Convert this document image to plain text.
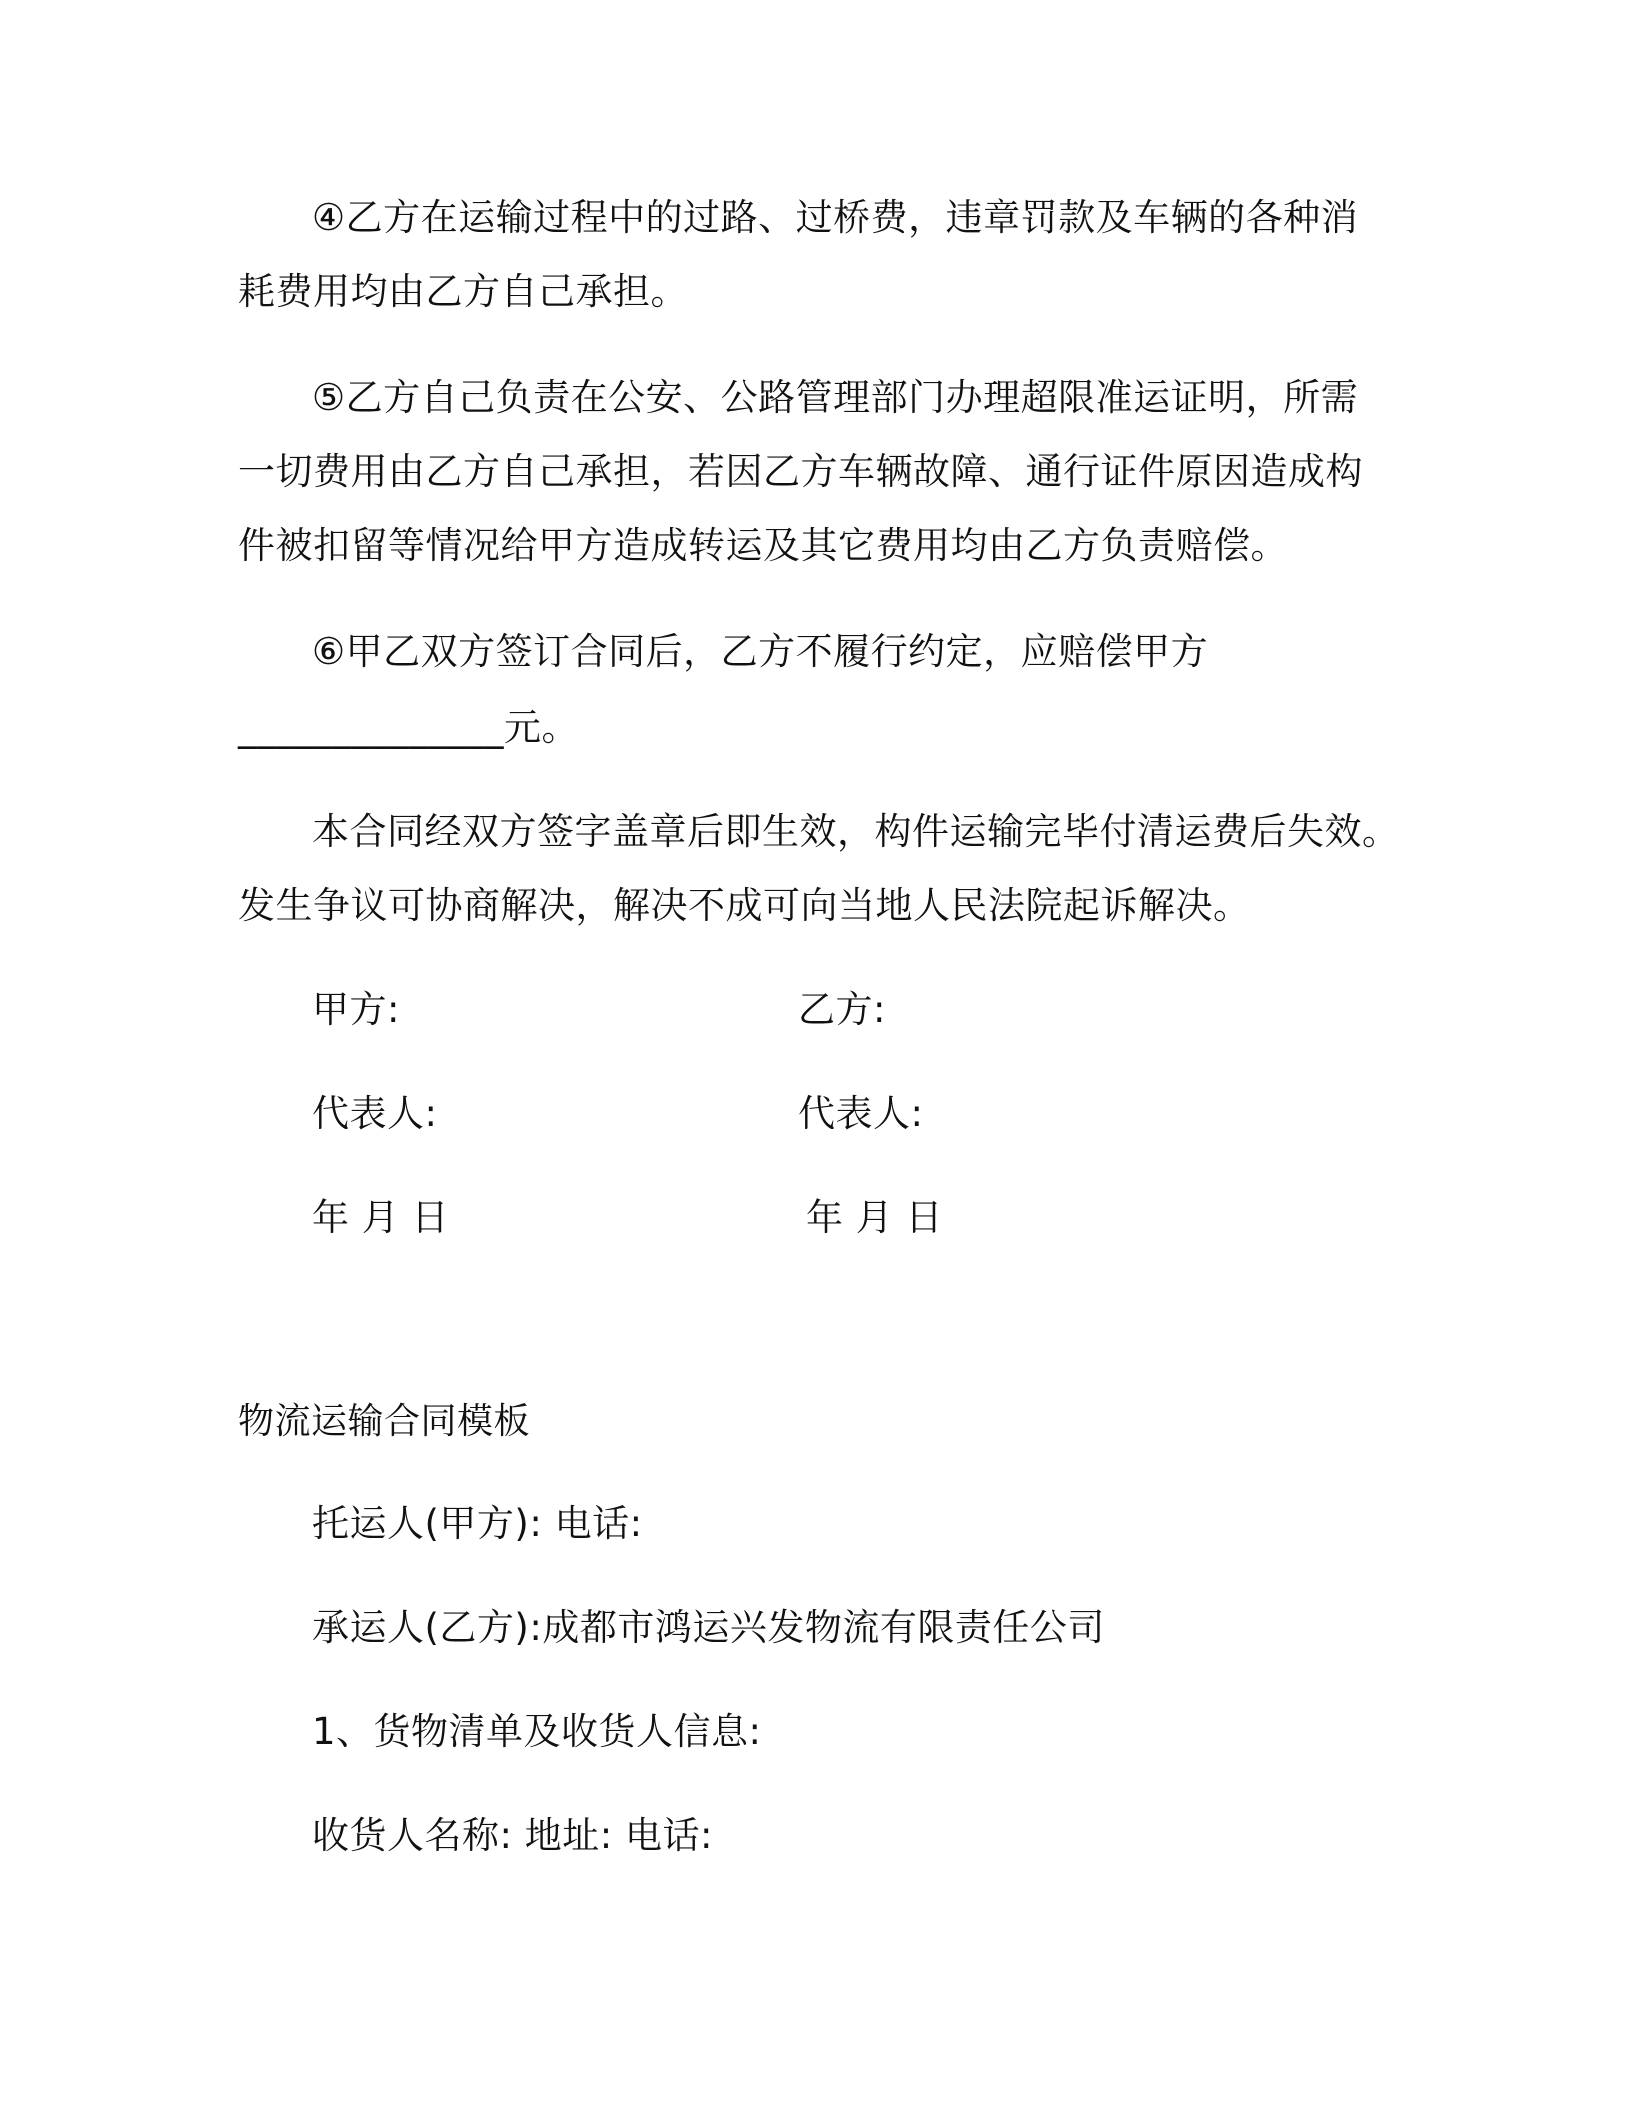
④乙方在运输过程中的过路、过桥费，违章罚款及车辆的各种消
耗费用均由乙方自己承担。
⑤乙方自己负责在公安、公路管理部门办理超限准运证明，所需
一切费用由乙方自己承担，若因乙方车辆故障、通行证件原因造成构
件被扣留等情况给甲方造成转运及其它费用均由乙方负责赔偿。
⑥甲乙双方签订合同后，乙方不履行约定，应赔偿甲方
______________元。
本合同经双方签字盖章后即生效，构件运输完毕付清运费后失效。
发生争议可协商解决，解决不成可向当地人民法院起诉解决。
甲方:	乙方:
代表人:	代表人:
年 月 日	年 月 日
物流运输合同模板
托运人(甲方): 电话:
承运人(乙方):成都市鸿运兴发物流有限责任公司
1、货物清单及收货人信息:
收货人名称: 地址: 电话:
